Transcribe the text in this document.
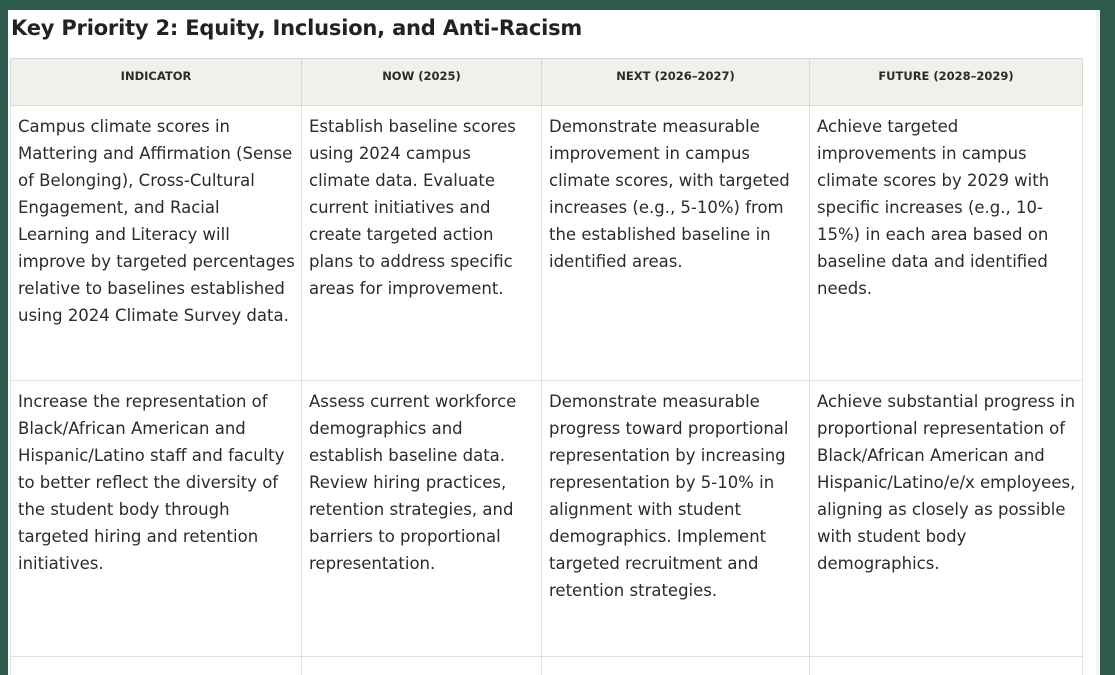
Key Priority 2: Equity, Inclusion, and Anti-Racism
INDICATOR	NOW (2025)	NEXT (2026–2027)	FUTURE (2028–2029)
Campus climate scores in Mattering and Affirmation (Sense of Belonging), Cross-Cultural Engagement, and Racial Learning and Literacy will improve by targeted percentages relative to baselines established using 2024 Climate Survey data.	Establish baseline scores using 2024 campus climate data. Evaluate current initiatives and create targeted action plans to address specific areas for improvement.	Demonstrate measurable improvement in campus climate scores, with targeted increases (e.g., 5-10%) from the established baseline in identified areas.	Achieve targeted improvements in campus climate scores by 2029 with specific increases (e.g., 10-15%) in each area based on baseline data and identified needs.
Increase the representation of Black/African American and Hispanic/Latino staff and faculty to better reflect the diversity of the student body through targeted hiring and retention initiatives.	Assess current workforce demographics and establish baseline data. Review hiring practices, retention strategies, and barriers to proportional representation.	Demonstrate measurable progress toward proportional representation by increasing representation by 5-10% in alignment with student demographics. Implement targeted recruitment and retention strategies.	Achieve substantial progress in proportional representation of Black/African American and Hispanic/Latino/e/x employees, aligning as closely as possible with student body demographics.
